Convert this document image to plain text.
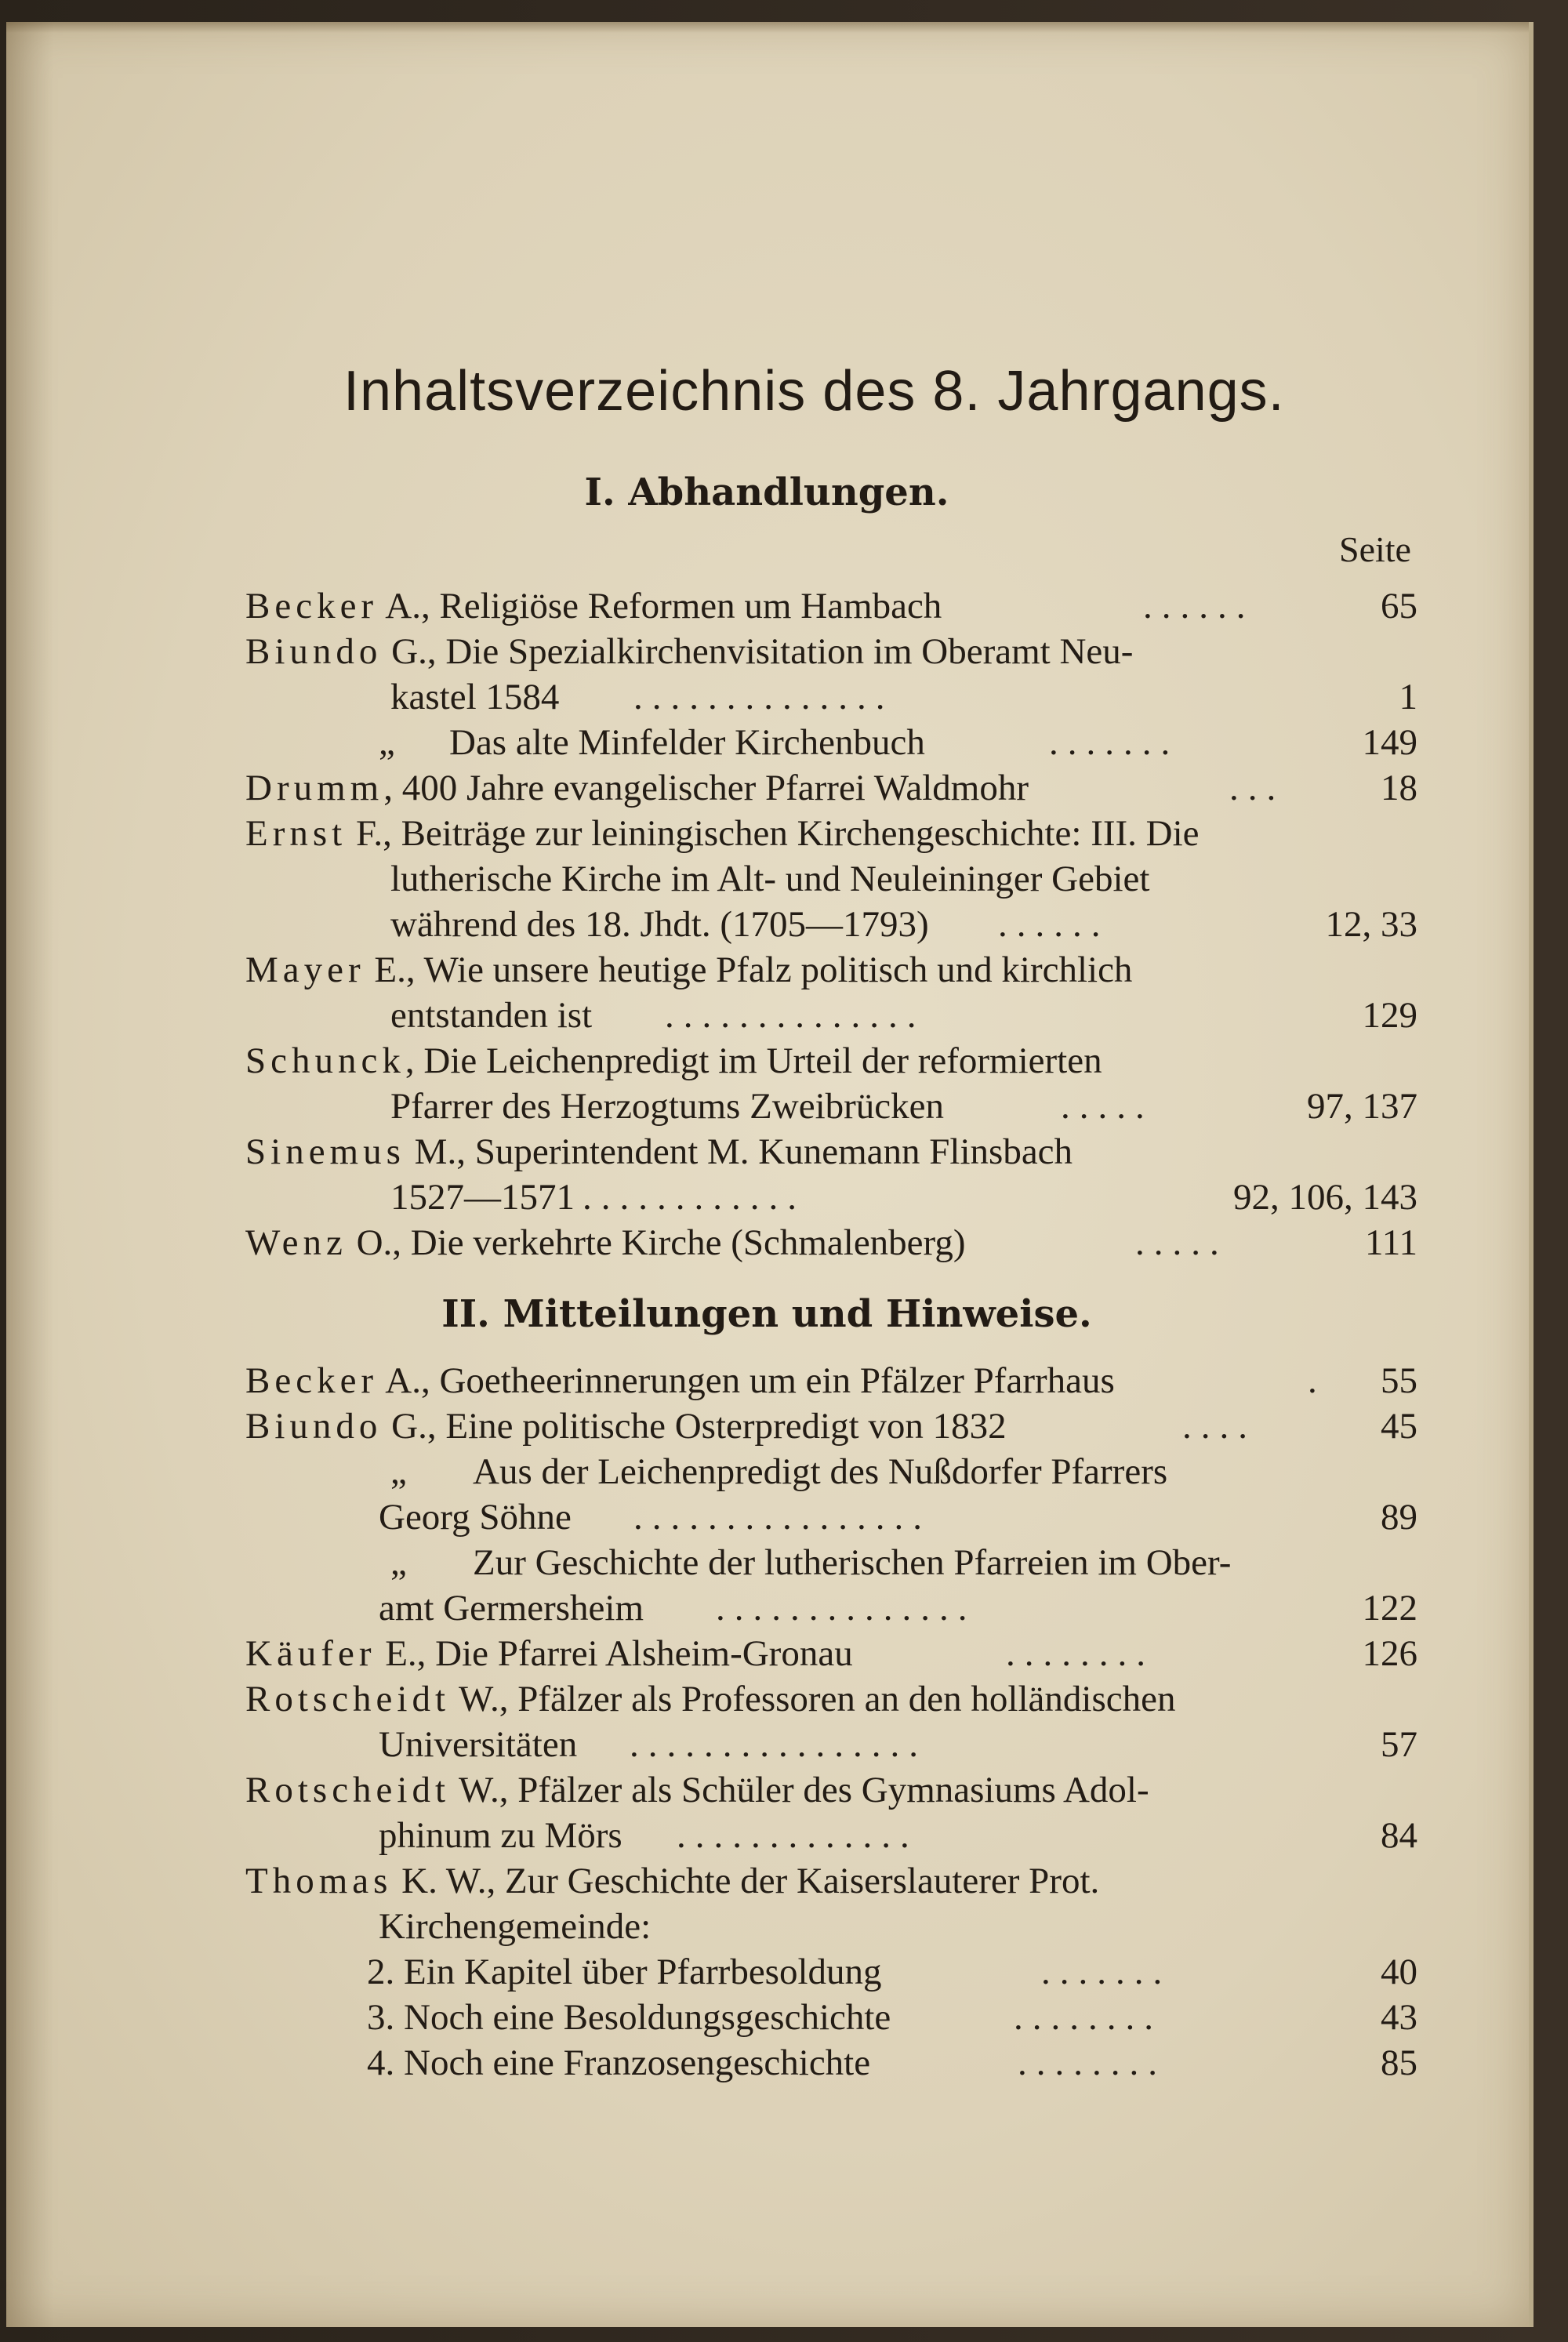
Inhaltsverzeichnis des 8. Jahrgangs.
I. Abhandlungen.
Seite
Becker A., Religiöse Reformen um Hambach	......	65
Biundo G., Die Spezialkirchenvisitation im Oberamt Neu-
kastel 1584 ..............	1
„ Das alte Minfelder Kirchenbuch	.......	149
Drumm, 400 Jahre evangelischer Pfarrei Waldmohr	...	18
Ernst F., Beiträge zur leiningischen Kirchengeschichte: III. Die
lutherische Kirche im Alt- und Neuleininger Gebiet
während des 18. Jhdt. (1705—1793) ......	12, 33
Mayer E., Wie unsere heutige Pfalz politisch und kirchlich
entstanden ist ..............	129
Schunck, Die Leichenpredigt im Urteil der reformierten
Pfarrer des Herzogtums Zweibrücken	.....	97, 137
Sinemus M., Superintendent M. Kunemann Flinsbach
1527—1571 ............	92, 106, 143
Wenz O., Die verkehrte Kirche (Schmalenberg)	.....	111
II. Mitteilungen und Hinweise.
Becker A., Goetheerinnerungen um ein Pfälzer Pfarrhaus	. 55
Biundo G., Eine politische Osterpredigt von 1832	....	45
„ Aus der Leichenpredigt des Nußdorfer Pfarrers
Georg Söhne ................	89
„ Zur Geschichte der lutherischen Pfarreien im Ober-
amt Germersheim ..............	122
Käufer E., Die Pfarrei Alsheim-Gronau	........	126
Rotscheidt W., Pfälzer als Professoren an den holländischen
Universitäten ................	57
Rotscheidt W., Pfälzer als Schüler des Gymnasiums Adol-
phinum zu Mörs .............	84
Thomas K. W., Zur Geschichte der Kaiserslauterer Prot.
Kirchengemeinde:
2. Ein Kapitel über Pfarrbesoldung	.......	40
3. Noch eine Besoldungsgeschichte	........	43
4. Noch eine Franzosengeschichte	........	85
